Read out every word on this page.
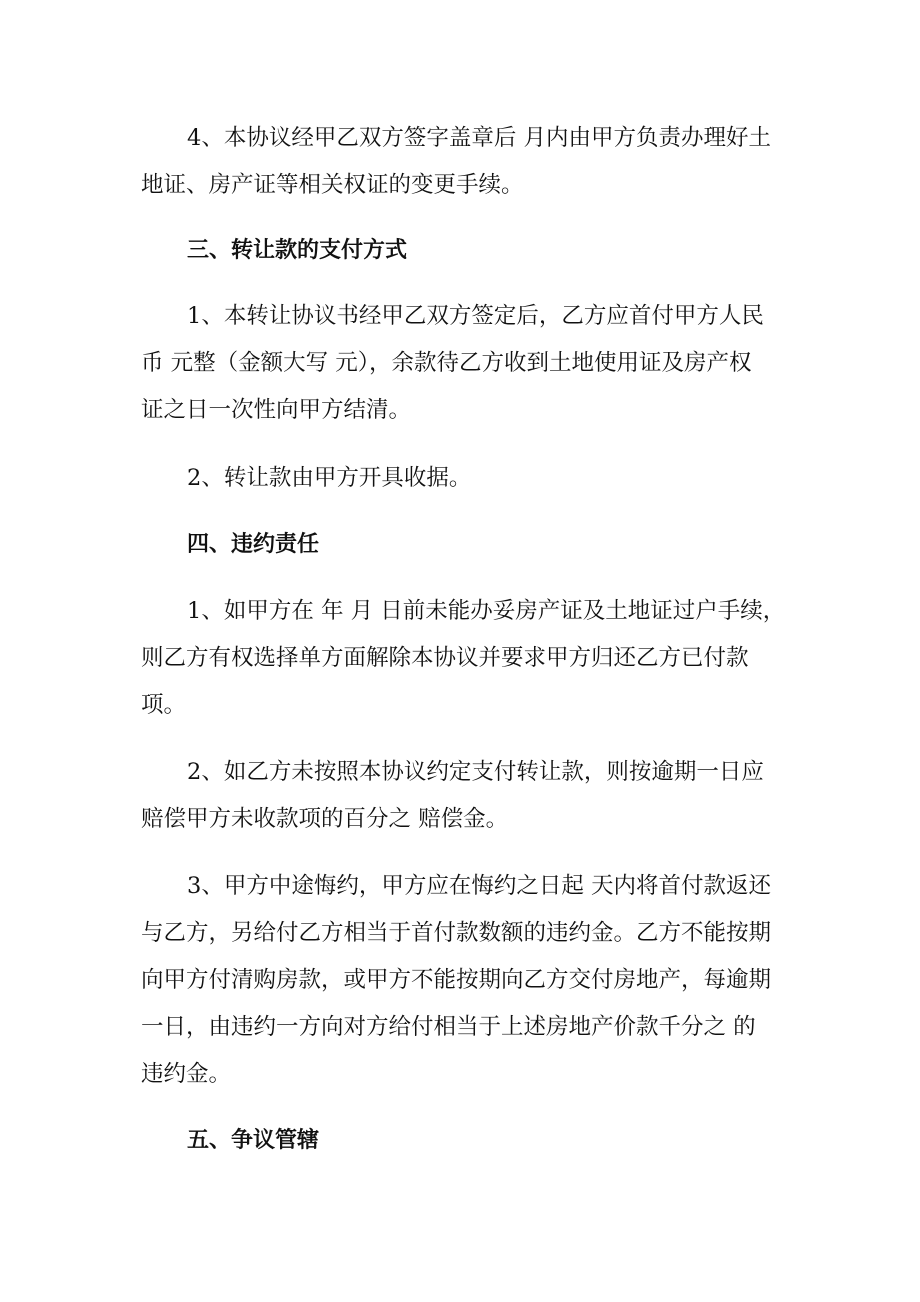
4、本协议经甲乙双方签字盖章后 月内由甲方负责办理好土
地证、房产证等相关权证的变更手续。
三、转让款的支付方式
1、本转让协议书经甲乙双方签定后，乙方应首付甲方人民
币 元整（金额大写 元），余款待乙方收到土地使用证及房产权
证之日一次性向甲方结清。
2、转让款由甲方开具收据。
四、违约责任
1、如甲方在 年 月 日前未能办妥房产证及土地证过户手续，
则乙方有权选择单方面解除本协议并要求甲方归还乙方已付款
项。
2、如乙方未按照本协议约定支付转让款，则按逾期一日应
赔偿甲方未收款项的百分之 赔偿金。
3、甲方中途悔约，甲方应在悔约之日起 天内将首付款返还
与乙方，另给付乙方相当于首付款数额的违约金。乙方不能按期
向甲方付清购房款，或甲方不能按期向乙方交付房地产，每逾期
一日，由违约一方向对方给付相当于上述房地产价款千分之 的
违约金。
五、争议管辖
